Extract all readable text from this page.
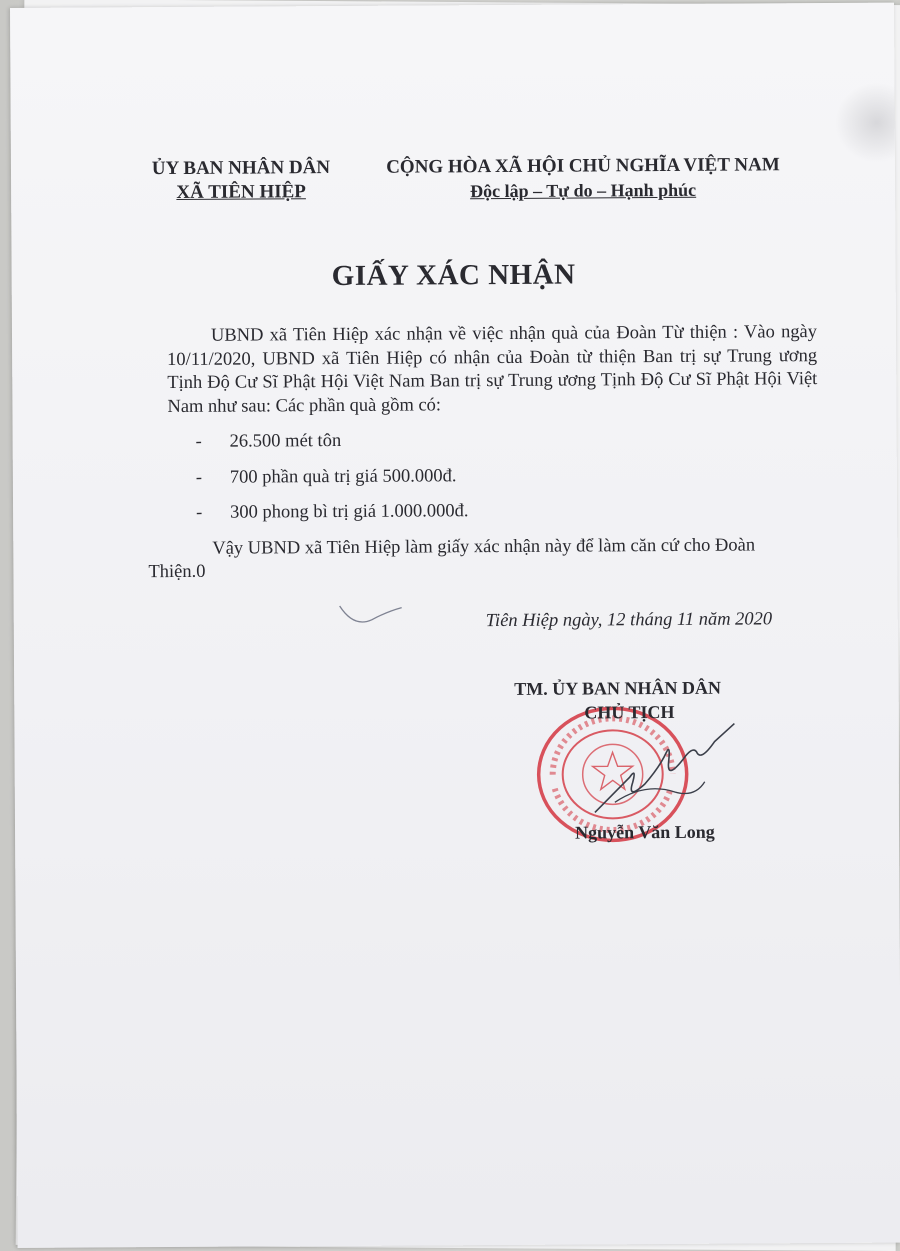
ỦY BAN NHÂN DÂN
XÃ TIÊN HIỆP
CỘNG HÒA XÃ HỘI CHỦ NGHĨA VIỆT NAM
Độc lập – Tự do – Hạnh phúc
GIẤY XÁC NHẬN

UBND xã Tiên Hiệp xác nhận về việc nhận quà của Đoàn Từ thiện : Vào ngày 10/11/2020, UBND xã Tiên Hiệp có nhận của Đoàn từ thiện Ban trị sự Trung ương Tịnh Độ Cư Sĩ Phật Hội Việt Nam Ban trị sự Trung ương Tịnh Độ Cư Sĩ Phật Hội Việt Nam như sau: Các phần quà gồm có:

- 26.500 mét tôn
- 700 phần quà trị giá 500.000đ.
- 300 phong bì trị giá 1.000.000đ.

Vậy UBND xã Tiên Hiệp làm giấy xác nhận này để làm căn cứ cho Đoàn

Thiện.0

Tiên Hiệp ngày, 12 tháng 11 năm 2020
TM. ỦY BAN NHÂN DÂN
CHỦ TỊCH
Nguyễn Văn Long
